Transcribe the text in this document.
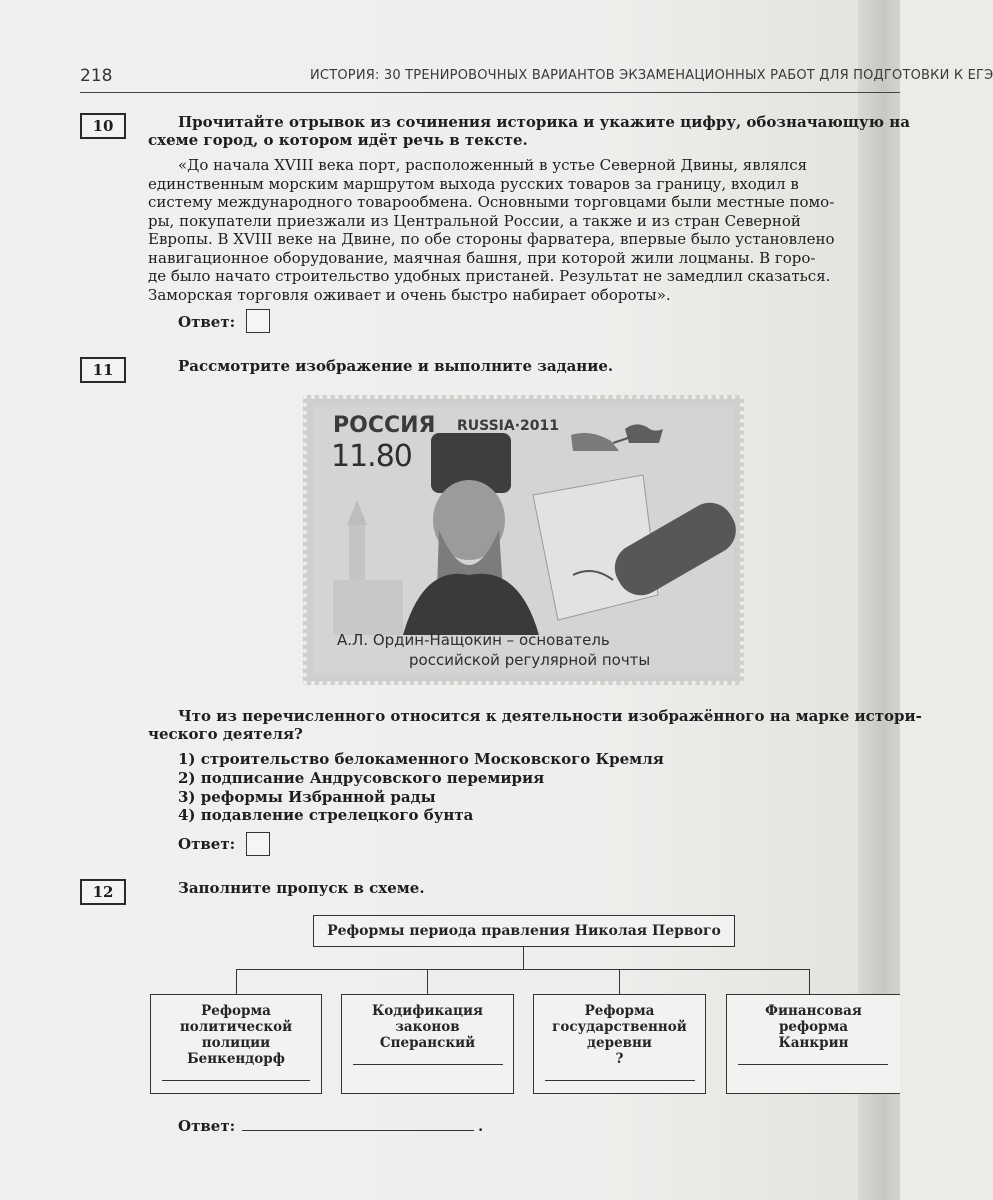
218	ИСТОРИЯ: 30 ТРЕНИРОВОЧНЫХ ВАРИАНТОВ ЭКЗАМЕНАЦИОННЫХ РАБОТ ДЛЯ ПОДГОТОВКИ К ЕГЭ
10	Прочитайте отрывок из сочинения историка и укажите цифру, обозначающую на
схеме город, о котором идёт речь в тексте.
«До начала XVIII века порт, расположенный в устье Северной Двины, являлся
единственным морским маршрутом выхода русских товаров за границу, входил в
систему международного товарообмена. Основными торговцами были местные помо-
ры, покупатели приезжали из Центральной России, а также и из стран Северной
Европы. В XVIII веке на Двине, по обе стороны фарватера, впервые было установлено
навигационное оборудование, маячная башня, при которой жили лоцманы. В горо-
де было начато строительство удобных пристаней. Результат не замедлил сказаться.
Заморская торговля оживает и очень быстро набирает обороты».
Ответ:
11	Рассмотрите изображение и выполните задание.
РОССИЯ RUSSIA·2011
11.80
А.Л. Ордин-Нащокин – основатель
российской регулярной почты
Что из перечисленного относится к деятельности изображённого на марке истори-
ческого деятеля?
1) строительство белокаменного Московского Кремля
2) подписание Андрусовского перемирия
3) реформы Избранной рады
4) подавление стрелецкого бунта
Ответ:
12	Заполните пропуск в схеме.
Реформы периода правления Николая Первого
Реформа
политической
полиции
Бенкендорф
Кодификация
законов
Сперанский
Реформа
государственной
деревни
?
Финансовая
реформа
Канкрин
Ответ:	.
